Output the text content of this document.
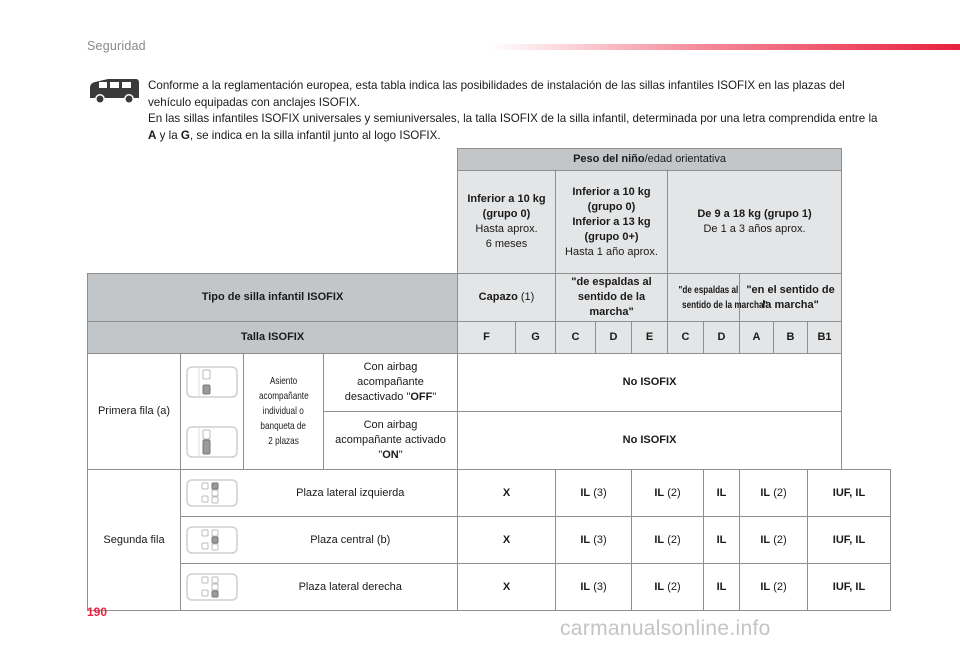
Seguridad

Conforme a la reglamentación europea, esta tabla indica las posibilidades de instalación de las sillas infantiles ISOFIX en las plazas del vehículo equipadas con anclajes ISOFIX.

En las sillas infantiles ISOFIX universales y semiuniversales, la talla ISOFIX de la silla infantil, determinada por una letra comprendida entre la A y la G, se indica en la silla infantil junto al logo ISOFIX.

				Peso del niño/edad orientativa									
				Inferior a 10 kg
(grupo 0)
Hasta aprox.
6 meses		Inferior a 10 kg
(grupo 0)
Inferior a 13 kg
(grupo 0+)
Hasta 1 año aprox.			De 9 a 18 kg (grupo 1)
De 1 a 3 años aprox.				
Tipo de silla infantil ISOFIX				Capazo (1)		"de espaldas al sentido de la marcha"			"de espaldas al
sentido de la marcha"		"en el sentido de la marcha"		
Talla ISOFIX				F	G	C	D	E	C	D	A	B	B1
Primera fila (a)		Asiento
acompañante
individual o
banqueta de
2 plazas	Con airbag
acompañante
desactivado "OFF"	No ISOFIX									
			Con airbag
acompañante activado
"ON"	No ISOFIX									
Segunda fila		Plaza lateral izquierda		X		IL (3)		IL (2)		IL	IL (2)		IUF, IL

	Plaza central (b)		X		IL (3)		IL (2)		IL	IL (2)		IUF, IL

	Plaza lateral derecha		X		IL (3)		IL (2)		IL	IL (2)		IUF, IL
190
carmanualsonline.info
